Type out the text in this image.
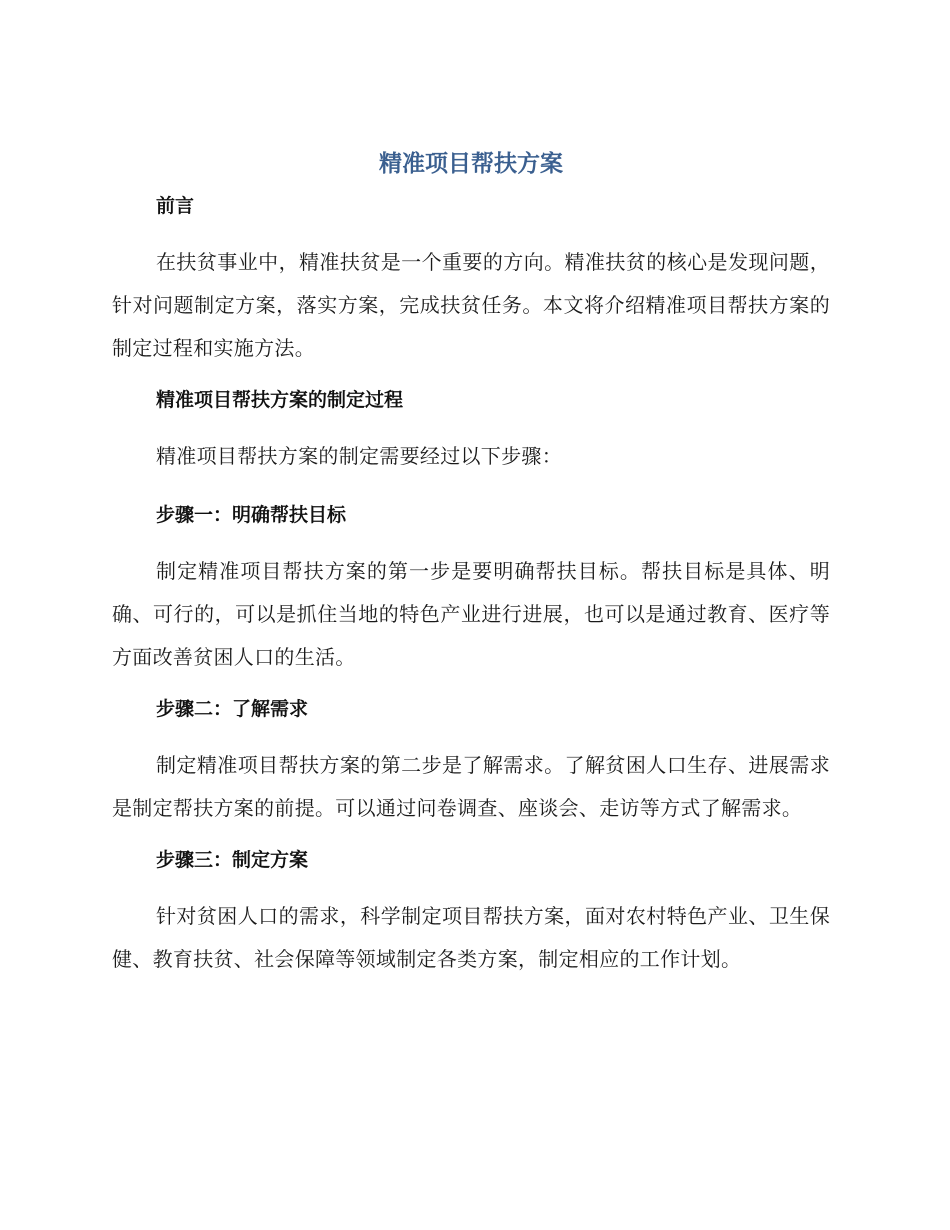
精准项目帮扶方案
前言

在扶贫事业中，精准扶贫是一个重要的方向。精准扶贫的核心是发现问题，针对问题制定方案，落实方案，完成扶贫任务。本文将介绍精准项目帮扶方案的制定过程和实施方法。

精准项目帮扶方案的制定过程

精准项目帮扶方案的制定需要经过以下步骤：

步骤一：明确帮扶目标

制定精准项目帮扶方案的第一步是要明确帮扶目标。帮扶目标是具体、明确、可行的，可以是抓住当地的特色产业进行进展，也可以是通过教育、医疗等方面改善贫困人口的生活。

步骤二：了解需求

制定精准项目帮扶方案的第二步是了解需求。了解贫困人口生存、进展需求是制定帮扶方案的前提。可以通过问卷调查、座谈会、走访等方式了解需求。

步骤三：制定方案

针对贫困人口的需求，科学制定项目帮扶方案，面对农村特色产业、卫生保健、教育扶贫、社会保障等领域制定各类方案，制定相应的工作计划。
